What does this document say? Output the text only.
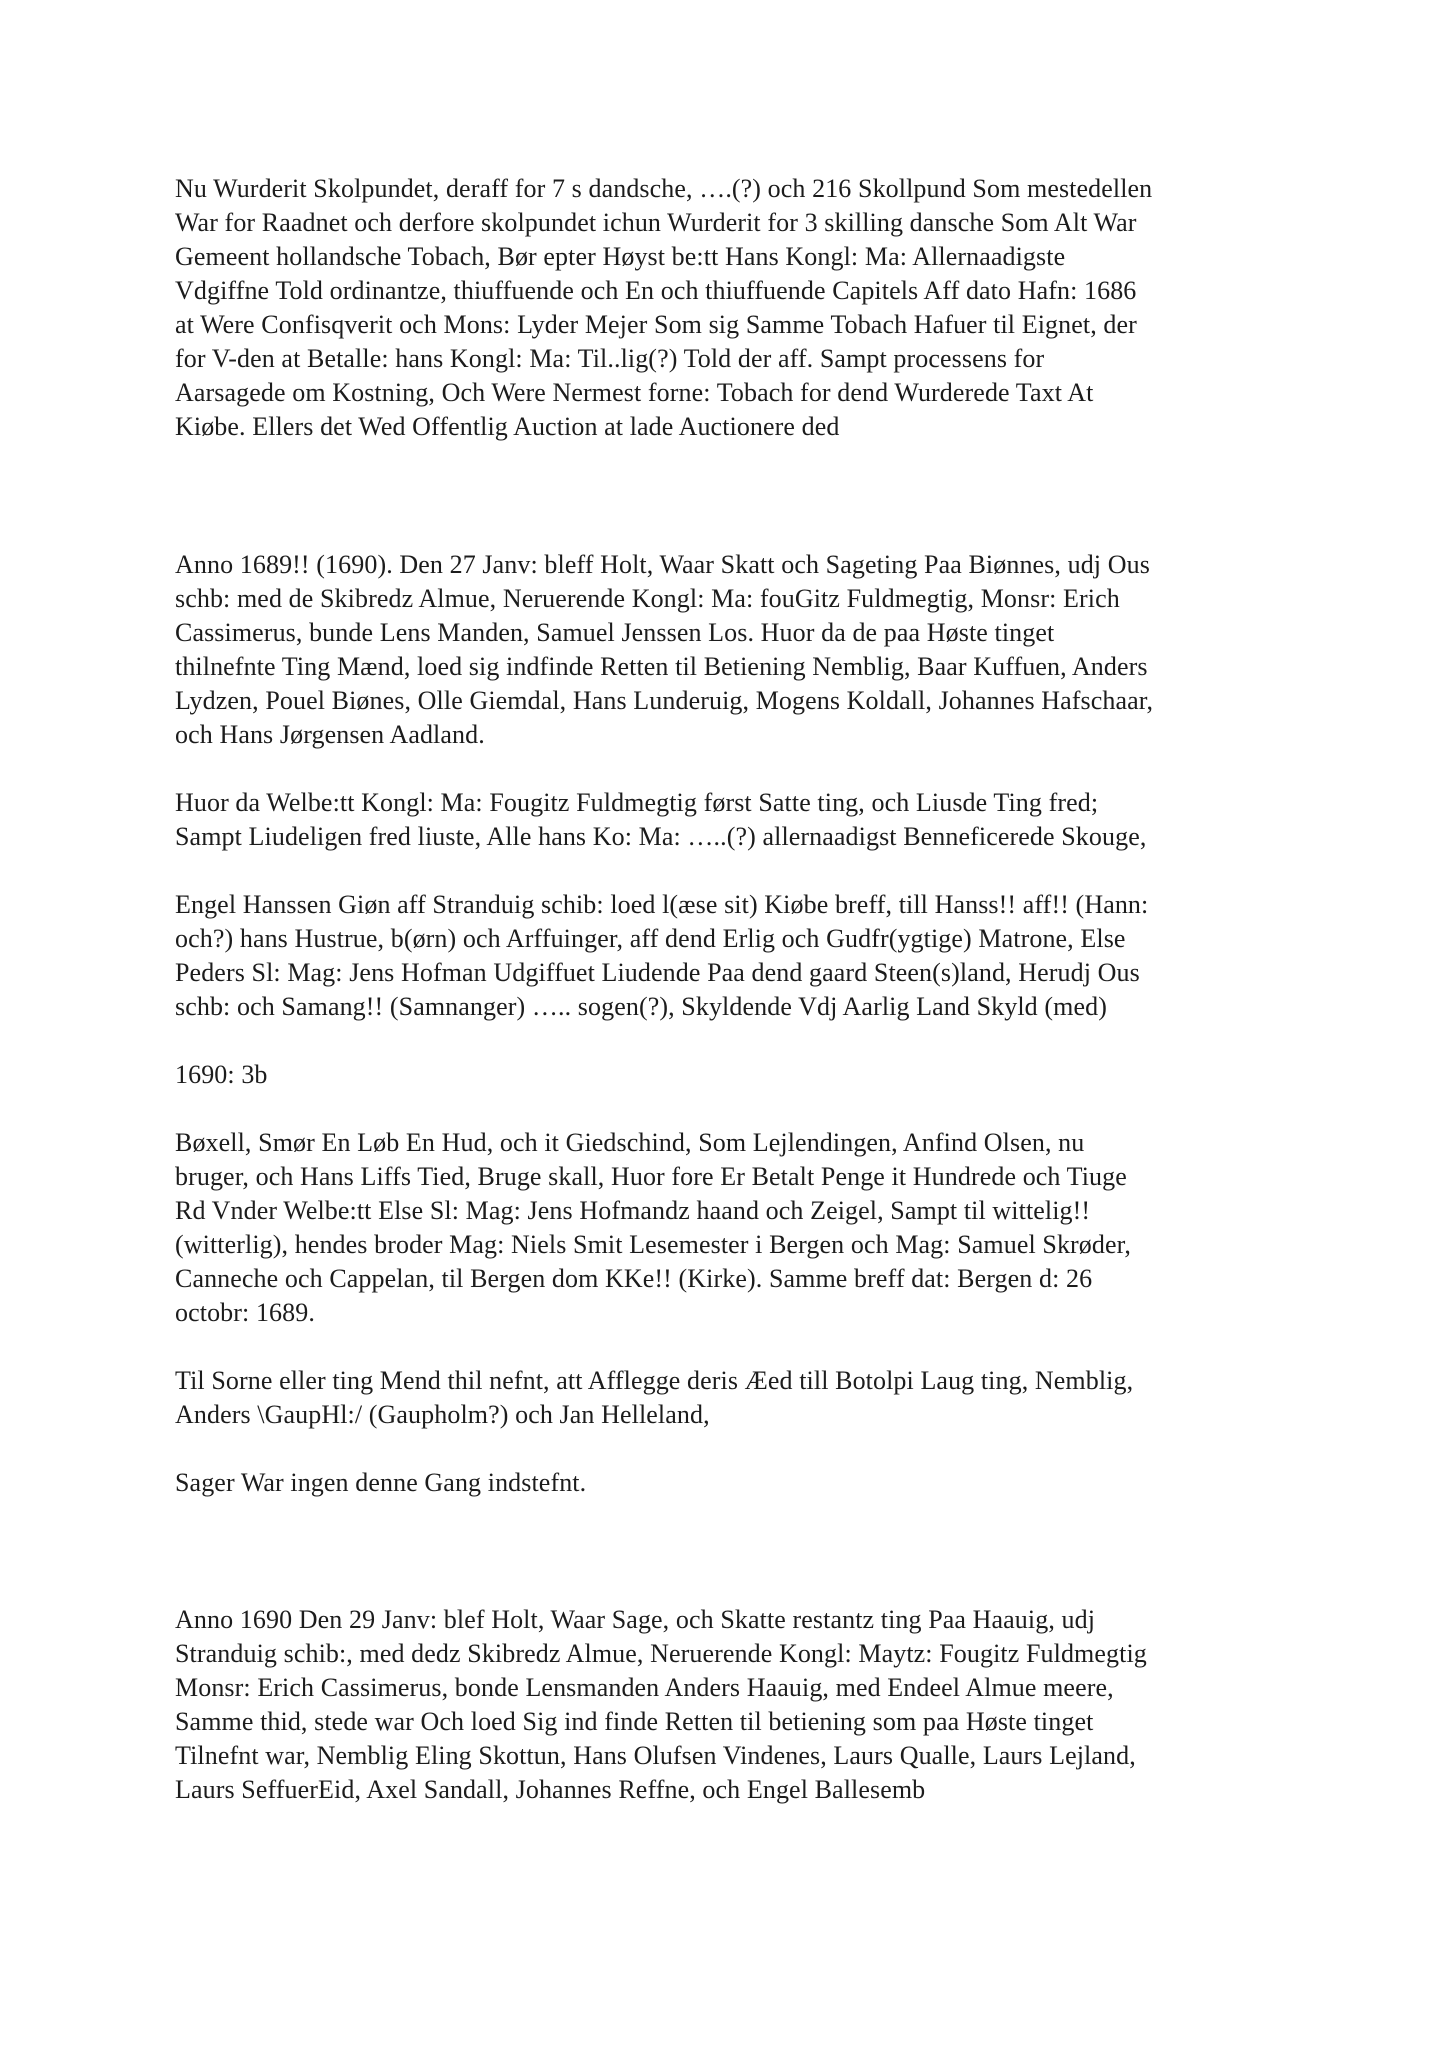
Nu Wurderit Skolpundet, deraff for 7 s dandsche, ….(?) och 216 Skollpund Som mestedellen
War for Raadnet och derfore skolpundet ichun Wurderit for 3 skilling dansche Som Alt War
Gemeent hollandsche Tobach, Bør epter Høyst be:tt Hans Kongl: Ma: Allernaadigste
Vdgiffne Told ordinantze, thiuffuende och En och thiuffuende Capitels Aff dato Hafn: 1686
at Were Confisqverit och Mons: Lyder Mejer Som sig Samme Tobach Hafuer til Eignet, der
for V-den at Betalle: hans Kongl: Ma: Til..lig(?) Told der aff. Sampt processens for
Aarsagede om Kostning, Och Were Nermest forne: Tobach for dend Wurderede Taxt At
Kiøbe. Ellers det Wed Offentlig Auction at lade Auctionere ded
Anno 1689!! (1690). Den 27 Janv: bleff Holt, Waar Skatt och Sageting Paa Biønnes, udj Ous
schb: med de Skibredz Almue, Neruerende Kongl: Ma: fouGitz Fuldmegtig, Monsr: Erich
Cassimerus, bunde Lens Manden, Samuel Jenssen Los. Huor da de paa Høste tinget
thilnefnte Ting Mænd, loed sig indfinde Retten til Betiening Nemblig, Baar Kuffuen, Anders
Lydzen, Pouel Biønes, Olle Giemdal, Hans Lunderuig, Mogens Koldall, Johannes Hafschaar,
och Hans Jørgensen Aadland.
Huor da Welbe:tt Kongl: Ma: Fougitz Fuldmegtig først Satte ting, och Liusde Ting fred;
Sampt Liudeligen fred liuste, Alle hans Ko: Ma: …..(?) allernaadigst Benneficerede Skouge,
Engel Hanssen Giøn aff Stranduig schib: loed l(æse sit) Kiøbe breff, till Hanss!! aff!! (Hann:
och?) hans Hustrue, b(ørn) och Arffuinger, aff dend Erlig och Gudfr(ygtige) Matrone, Else
Peders Sl: Mag: Jens Hofman Udgiffuet Liudende Paa dend gaard Steen(s)land, Herudj Ous
schb: och Samang!! (Samnanger) ….. sogen(?), Skyldende Vdj Aarlig Land Skyld (med)
1690: 3b
Bøxell, Smør En Løb En Hud, och it Giedschind, Som Lejlendingen, Anfind Olsen, nu
bruger, och Hans Liffs Tied, Bruge skall, Huor fore Er Betalt Penge it Hundrede och Tiuge
Rd Vnder Welbe:tt Else Sl: Mag: Jens Hofmandz haand och Zeigel, Sampt til wittelig!!
(witterlig), hendes broder Mag: Niels Smit Lesemester i Bergen och Mag: Samuel Skrøder,
Canneche och Cappelan, til Bergen dom KKe!! (Kirke). Samme breff dat: Bergen d: 26
octobr: 1689.
Til Sorne eller ting Mend thil nefnt, att Afflegge deris Æed till Botolpi Laug ting, Nemblig,
Anders \GaupHl:/ (Gaupholm?) och Jan Helleland,
Sager War ingen denne Gang indstefnt.
Anno 1690 Den 29 Janv: blef Holt, Waar Sage, och Skatte restantz ting Paa Haauig, udj
Stranduig schib:, med dedz Skibredz Almue, Neruerende Kongl: Maytz: Fougitz Fuldmegtig
Monsr: Erich Cassimerus, bonde Lensmanden Anders Haauig, med Endeel Almue meere,
Samme thid, stede war Och loed Sig ind finde Retten til betiening som paa Høste tinget
Tilnefnt war, Nemblig Eling Skottun, Hans Olufsen Vindenes, Laurs Qualle, Laurs Lejland,
Laurs SeffuerEid, Axel Sandall, Johannes Reffne, och Engel Ballesemb
